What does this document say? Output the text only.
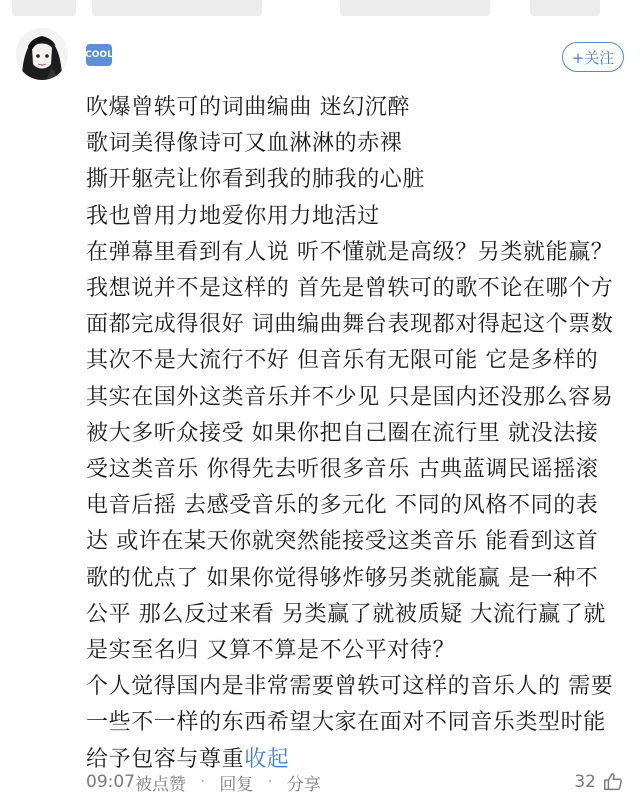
COOL	+关注
吹爆曾轶可的词曲编曲 迷幻沉醉
歌词美得像诗可又血淋淋的赤裸
撕开躯壳让你看到我的肺我的心脏
我也曾用力地爱你用力地活过
在弹幕里看到有人说 听不懂就是高级？另类就能赢？
我想说并不是这样的 首先是曾轶可的歌不论在哪个方
面都完成得很好 词曲编曲舞台表现都对得起这个票数
其次不是大流行不好 但音乐有无限可能 它是多样的
其实在国外这类音乐并不少见 只是国内还没那么容易
被大多听众接受 如果你把自己圈在流行里 就没法接
受这类音乐 你得先去听很多音乐 古典蓝调民谣摇滚
电音后摇 去感受音乐的多元化 不同的风格不同的表
达 或许在某天你就突然能接受这类音乐 能看到这首
歌的优点了 如果你觉得够炸够另类就能赢 是一种不
公平 那么反过来看 另类赢了就被质疑 大流行赢了就
是实至名归 又算不算是不公平对待？
个人觉得国内是非常需要曾轶可这样的音乐人的 需要
一些不一样的东西希望大家在面对不同音乐类型时能
给予包容与尊重收起
09:07 被点赞 · 回复 · 分享	32
